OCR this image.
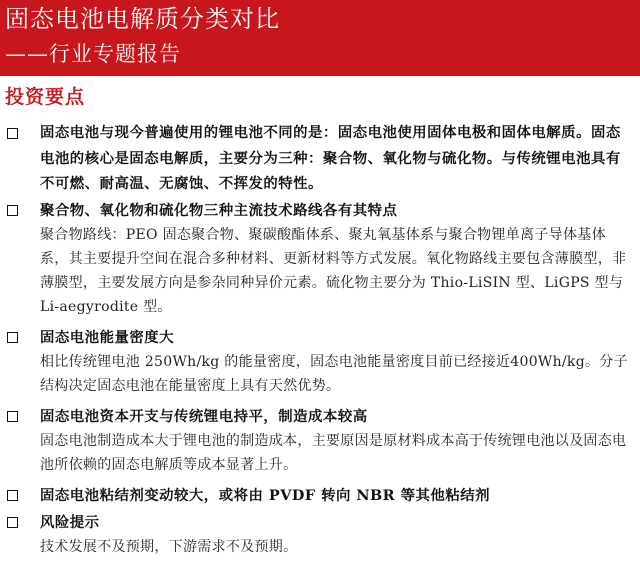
固态电池电解质分类对比
——行业专题报告
投资要点
固态电池与现今普遍使用的锂电池不同的是：固态电池使用固体电极和固体电解质。固态电池的核心是固态电解质，主要分为三种：聚合物、氧化物与硫化物。与传统锂电池具有不可燃、耐高温、无腐蚀、不挥发的特性。
聚合物、氧化物和硫化物三种主流技术路线各有其特点
聚合物路线：PEO 固态聚合物、聚碳酸酯体系、聚丸氧基体系与聚合物锂单离子导体基体系，其主要提升空间在混合多种材料、更新材料等方式发展。氧化物路线主要包含薄膜型，非薄膜型，主要发展方向是参杂同种异价元素。硫化物主要分为 Thio-LiSIN 型、LiGPS 型与 Li-aegyrodite 型。
固态电池能量密度大
相比传统锂电池 250Wh/kg 的能量密度，固态电池能量密度目前已经接近400Wh/kg。分子结构决定固态电池在能量密度上具有天然优势。
固态电池资本开支与传统锂电持平，制造成本较高
固态电池制造成本大于锂电池的制造成本，主要原因是原材料成本高于传统锂电池以及固态电池所依赖的固态电解质等成本显著上升。
固态电池粘结剂变动较大，或将由 PVDF 转向 NBR 等其他粘结剂
风险提示
技术发展不及预期，下游需求不及预期。
